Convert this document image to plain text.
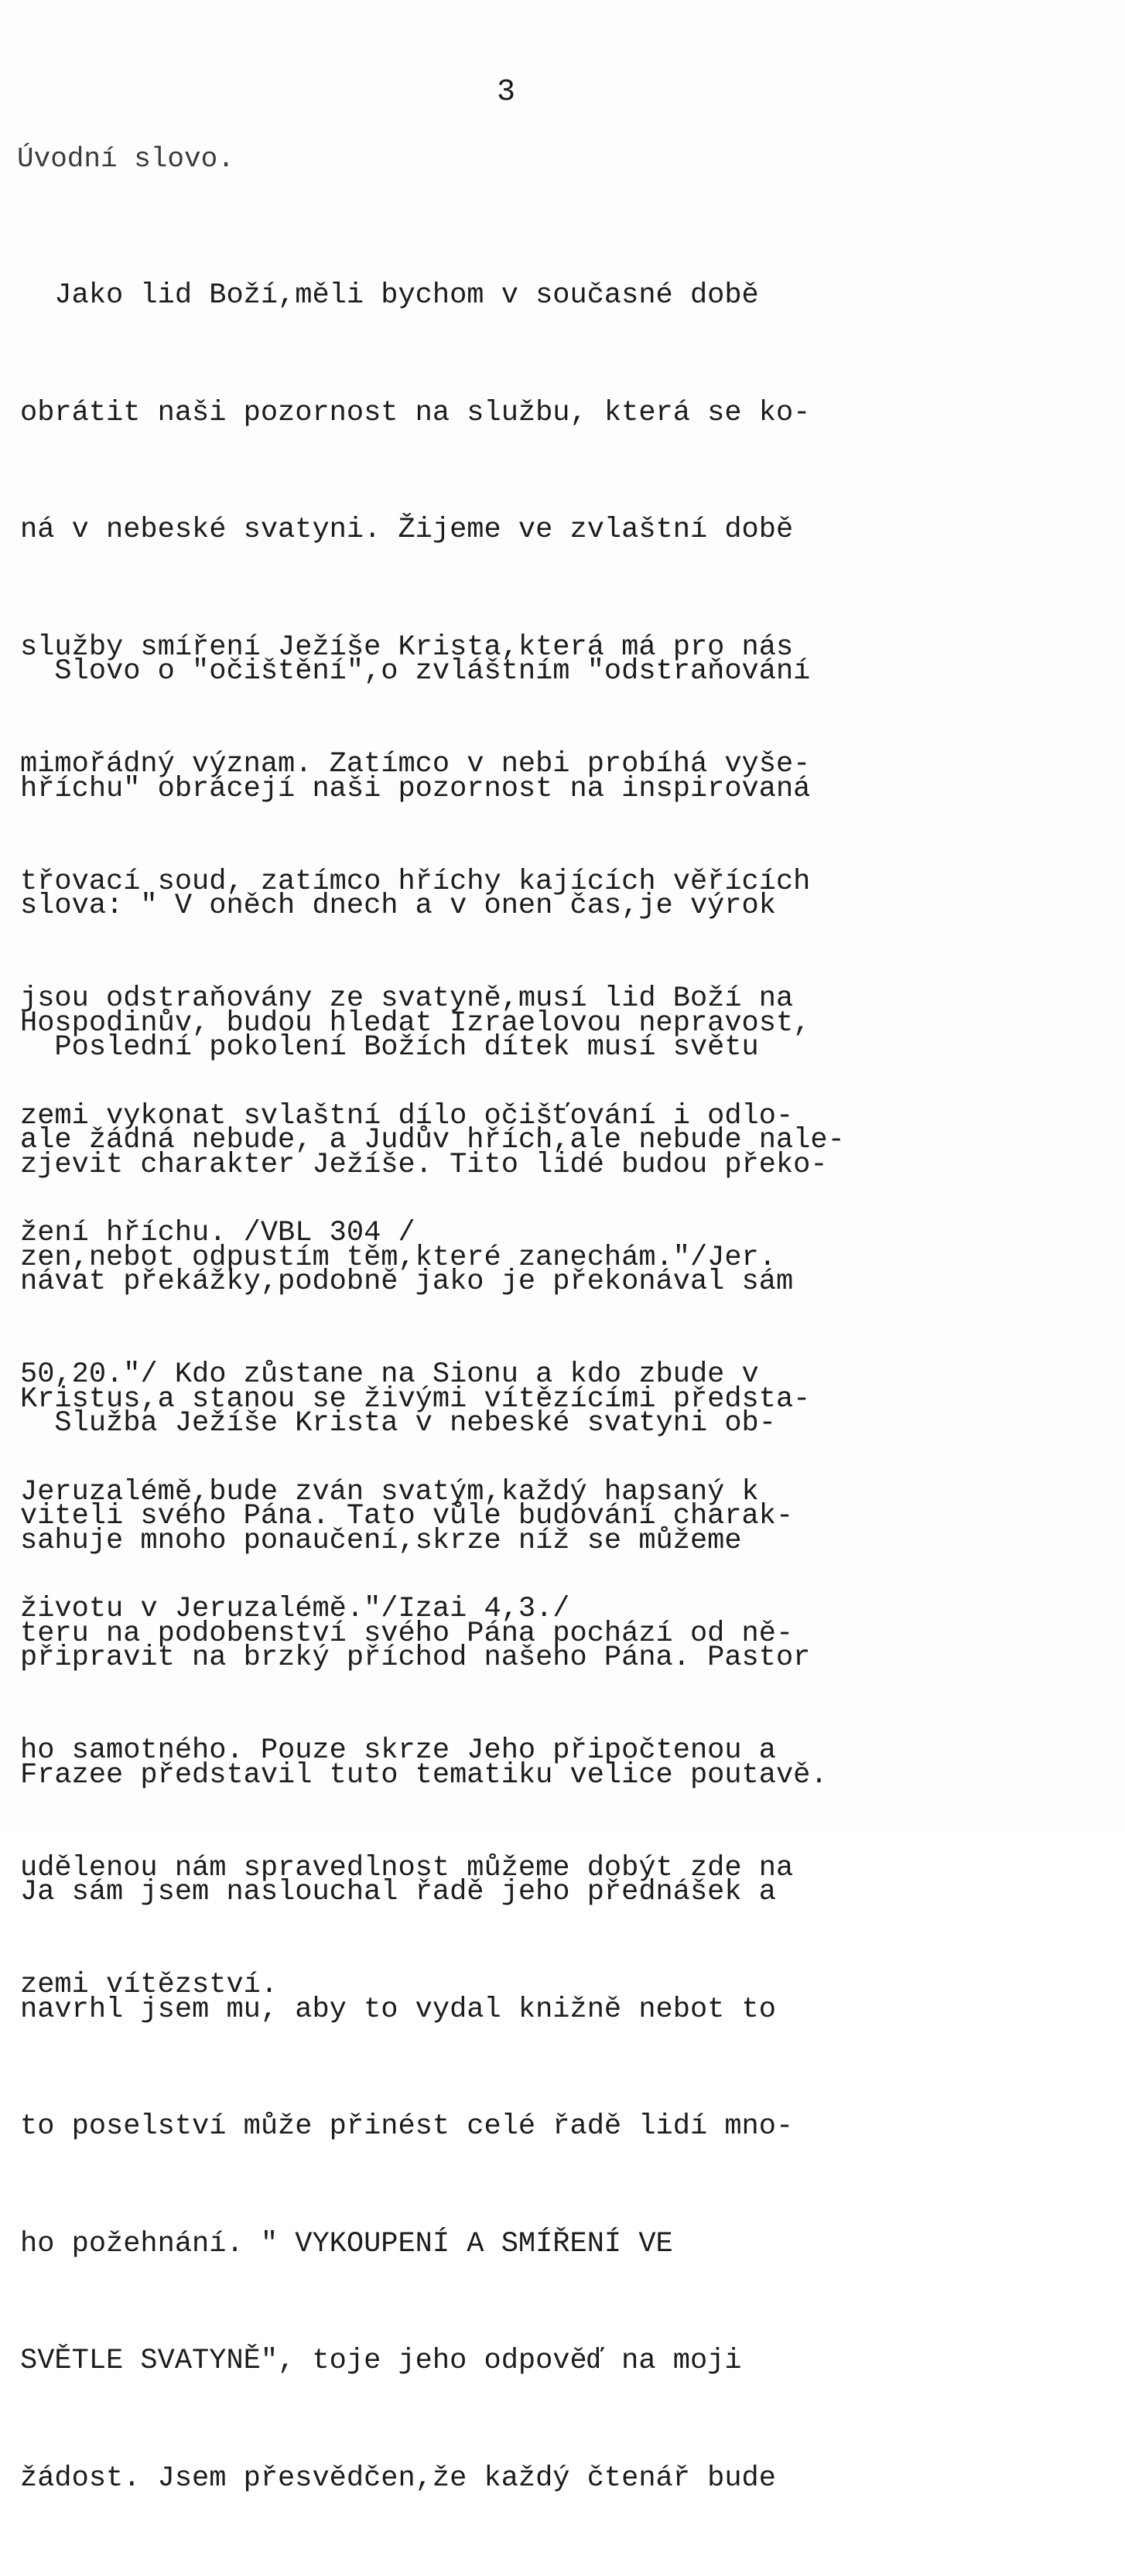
3
Úvodní slovo.

Jako lid Boží,měli bychom v současné době

obrátit naši pozornost na službu, která se ko-

ná v nebeské svatyni. Žijeme ve zvlaštní době

služby smíření Ježíše Krista,která má pro nás

mimořádný význam. Zatímco v nebi probíhá vyše-

třovací soud, zatímco hříchy kajících věřících

jsou odstraňovány ze svatyně,musí lid Boží na

zemi vykonat svlaštní dílo očišťování i odlo-

žení hříchu. /VBL 304 /

Slovo o "očištění",o zvláštním "odstraňování

hříchu" obrácejí naši pozornost na inspirovaná

slova: " V oněch dnech a v onen čas,je výrok

Hospodinův, budou hledat Izraelovou nepravost,

ale žádná nebude, a Judův hřích,ale nebude nale-

zen,nebot odpustím těm,které zanechám."/Jer.

50,20."/ Kdo zůstane na Sionu a kdo zbude v

Jeruzalémě,bude zván svatým,každý hapsaný k

životu v Jeruzalémě."/Izai 4,3./

Poslední pokolení Božích dítek musí světu

zjevit charakter Ježíše. Tito lidé budou překo-

návat překážky,podobně jako je překonával sám

Kristus,a stanou se živými vítězícími předsta-

viteli svého Pána. Tato vůle budování charak-

teru na podobenství svého Pána pochází od ně-

ho samotného. Pouze skrze Jeho připočtenou a

udělenou nám spravedlnost můžeme dobýt zde na

zemi vítězství.

Služba Ježíše Krista v nebeské svatyni ob-

sahuje mnoho ponaučení,skrze níž se můžeme

připravit na brzký příchod našeho Pána. Pastor

Frazee představil tuto tematiku velice poutavě.

Ja sám jsem naslouchal řadě jeho přednášek a

navrhl jsem mu, aby to vydal knižně nebot to

to poselství může přinést celé řadě lidí mno-

ho požehnání. " VYKOUPENÍ A SMÍŘENÍ VE

SVĚTLE SVATYNĚ", toje jeho odpověď na moji

žádost. Jsem přesvědčen,že každý čtenář bude
